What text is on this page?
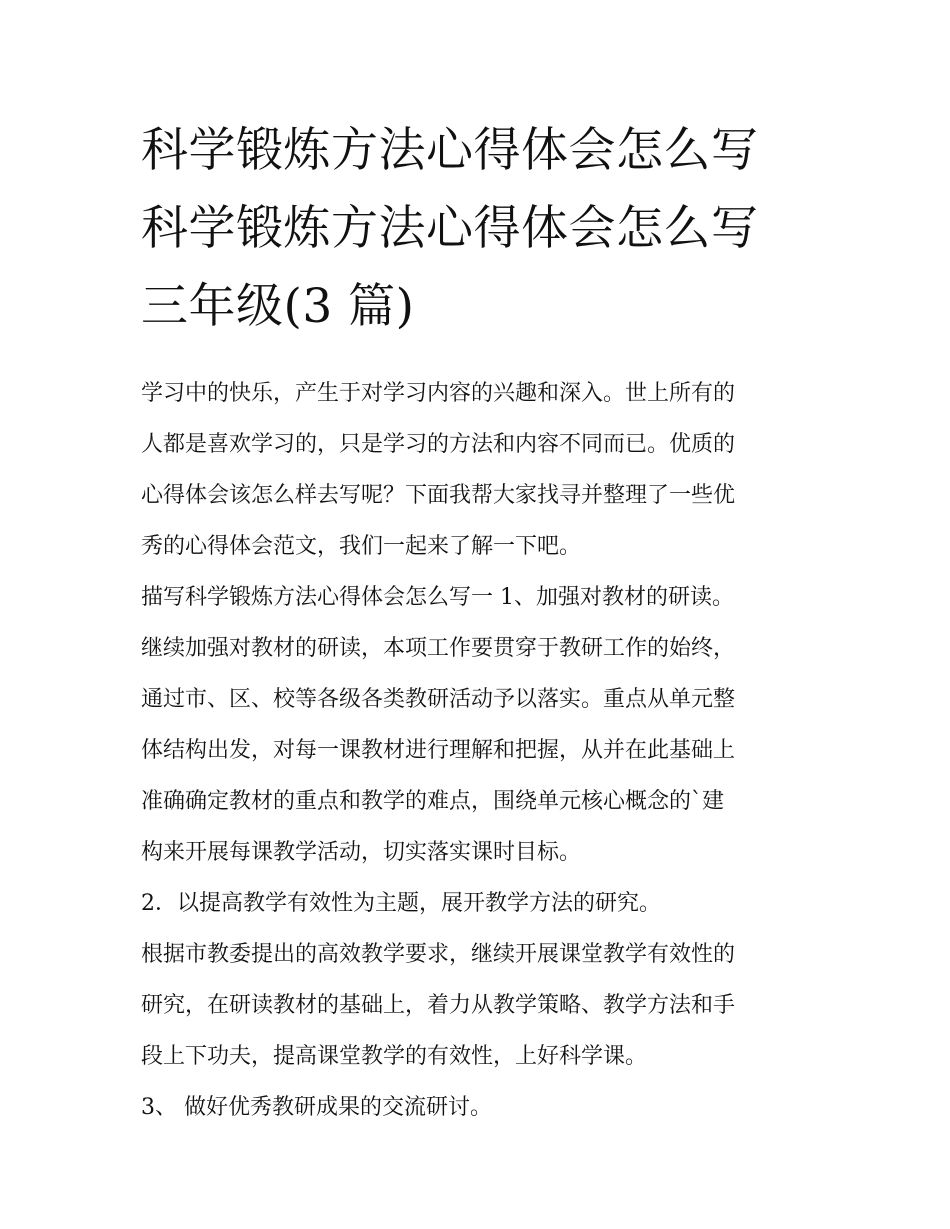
科学锻炼方法心得体会怎么写
科学锻炼方法心得体会怎么写
三年级(3 篇)
学习中的快乐，产生于对学习内容的兴趣和深入。世上所有的
人都是喜欢学习的，只是学习的方法和内容不同而已。优质的
心得体会该怎么样去写呢？下面我帮大家找寻并整理了一些优
秀的心得体会范文，我们一起来了解一下吧。
描写科学锻炼方法心得体会怎么写一 1、加强对教材的研读。
继续加强对教材的研读，本项工作要贯穿于教研工作的始终，
通过市、区、校等各级各类教研活动予以落实。重点从单元整
体结构出发，对每一课教材进行理解和把握，从并在此基础上
准确确定教材的重点和教学的难点，围绕单元核心概念的`建
构来开展每课教学活动，切实落实课时目标。
2．以提高教学有效性为主题，展开教学方法的研究。
根据市教委提出的高效教学要求，继续开展课堂教学有效性的
研究，在研读教材的基础上，着力从教学策略、教学方法和手
段上下功夫，提高课堂教学的有效性，上好科学课。
3、 做好优秀教研成果的交流研讨。
